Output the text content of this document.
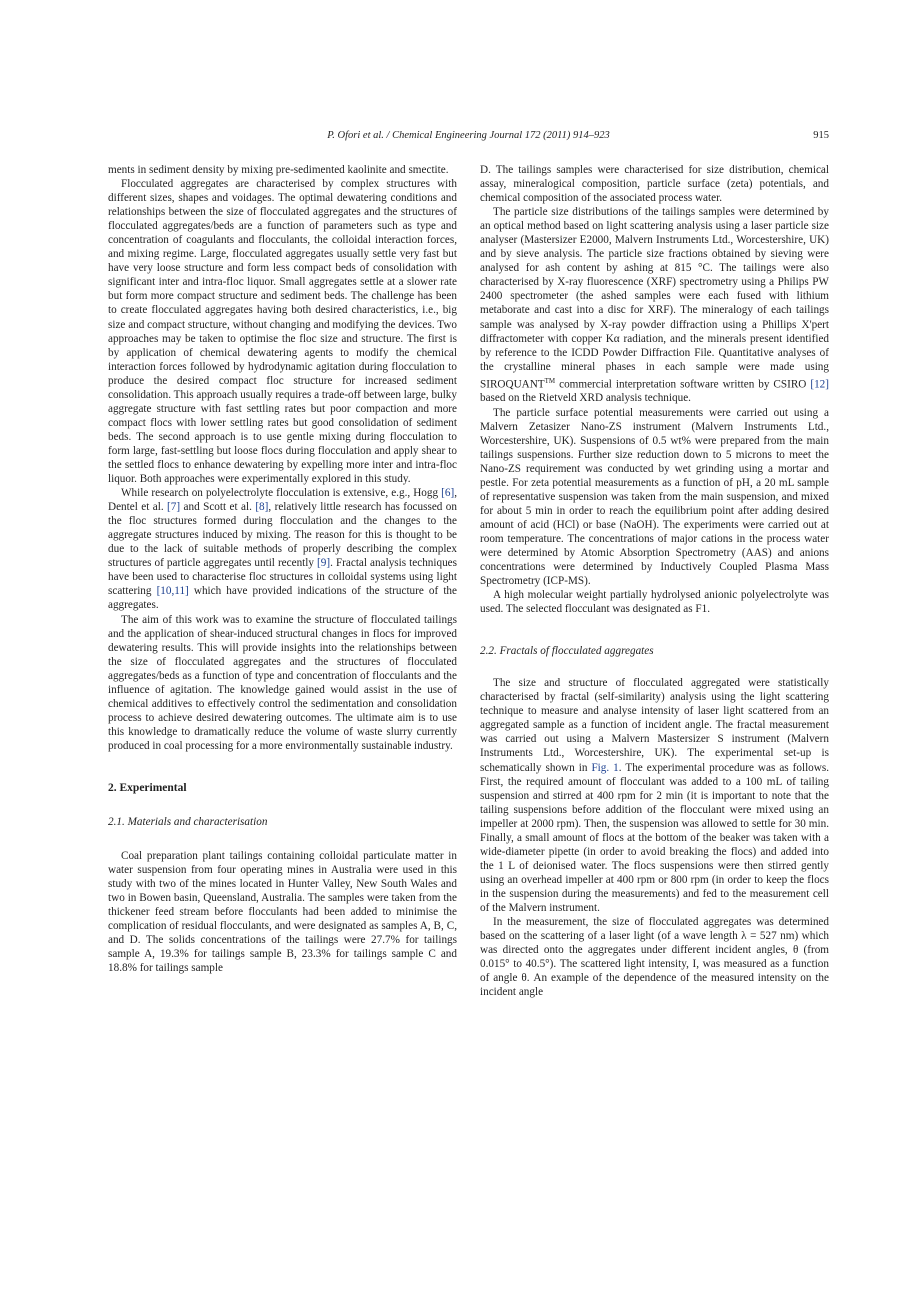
P. Ofori et al. / Chemical Engineering Journal 172 (2011) 914–923	915

ments in sediment density by mixing pre-sedimented kaolinite and smectite.

Flocculated aggregates are characterised by complex structures with different sizes, shapes and voidages. The optimal dewatering conditions and relationships between the size of flocculated aggregates and the structures of flocculated aggregates/beds are a function of parameters such as type and concentration of coagulants and flocculants, the colloidal interaction forces, and mixing regime. Large, flocculated aggregates usually settle very fast but have very loose structure and form less compact beds of consolidation with significant inter and intra-floc liquor. Small aggregates settle at a slower rate but form more compact structure and sediment beds. The challenge has been to create flocculated aggregates having both desired characteristics, i.e., big size and compact structure, without changing and modifying the devices. Two approaches may be taken to optimise the floc size and structure. The first is by application of chemical dewatering agents to modify the chemical interaction forces followed by hydrodynamic agitation during flocculation to produce the desired compact floc structure for increased sediment consolidation. This approach usually requires a trade-off between large, bulky aggregate structure with fast settling rates but poor compaction and more compact flocs with lower settling rates but good consolidation of sediment beds. The second approach is to use gentle mixing during flocculation to form large, fast-settling but loose flocs during flocculation and apply shear to the settled flocs to enhance dewatering by expelling more inter and intra-floc liquor. Both approaches were experimentally explored in this study.

While research on polyelectrolyte flocculation is extensive, e.g., Hogg [6], Dentel et al. [7] and Scott et al. [8], relatively little research has focussed on the floc structures formed during flocculation and the changes to the aggregate structures induced by mixing. The reason for this is thought to be due to the lack of suitable methods of properly describing the complex structures of particle aggregates until recently [9]. Fractal analysis techniques have been used to characterise floc structures in colloidal systems using light scattering [10,11] which have provided indications of the structure of the aggregates.

The aim of this work was to examine the structure of flocculated tailings and the application of shear-induced structural changes in flocs for improved dewatering results. This will provide insights into the relationships between the size of flocculated aggregates and the structures of flocculated aggregates/beds as a function of type and concentration of flocculants and the influence of agitation. The knowledge gained would assist in the use of chemical additives to effectively control the sedimentation and consolidation process to achieve desired dewatering outcomes. The ultimate aim is to use this knowledge to dramatically reduce the volume of waste slurry currently produced in coal processing for a more environmentally sustainable industry.

2. Experimental
2.1. Materials and characterisation

Coal preparation plant tailings containing colloidal particulate matter in water suspension from four operating mines in Australia were used in this study with two of the mines located in Hunter Valley, New South Wales and two in Bowen basin, Queensland, Australia. The samples were taken from the thickener feed stream before flocculants had been added to minimise the complication of residual flocculants, and were designated as samples A, B, C, and D. The solids concentrations of the tailings were 27.7% for tailings sample A, 19.3% for tailings sample B, 23.3% for tailings sample C and 18.8% for tailings sample

D. The tailings samples were characterised for size distribution, chemical assay, mineralogical composition, particle surface (zeta) potentials, and chemical composition of the associated process water.

The particle size distributions of the tailings samples were determined by an optical method based on light scattering analysis using a laser particle size analyser (Mastersizer E2000, Malvern Instruments Ltd., Worcestershire, UK) and by sieve analysis. The particle size fractions obtained by sieving were analysed for ash content by ashing at 815 °C. The tailings were also characterised by X-ray fluorescence (XRF) spectrometry using a Philips PW 2400 spectrometer (the ashed samples were each fused with lithium metaborate and cast into a disc for XRF). The mineralogy of each tailings sample was analysed by X-ray powder diffraction using a Phillips X'pert diffractometer with copper Kα radiation, and the minerals present identified by reference to the ICDD Powder Diffraction File. Quantitative analyses of the crystalline mineral phases in each sample were made using SIROQUANT™ commercial interpretation software written by CSIRO [12] based on the Rietveld XRD analysis technique.

The particle surface potential measurements were carried out using a Malvern Zetasizer Nano-ZS instrument (Malvern Instruments Ltd., Worcestershire, UK). Suspensions of 0.5 wt% were prepared from the main tailings suspensions. Further size reduction down to 5 microns to meet the Nano-ZS requirement was conducted by wet grinding using a mortar and pestle. For zeta potential measurements as a function of pH, a 20 mL sample of representative suspension was taken from the main suspension, and mixed for about 5 min in order to reach the equilibrium point after adding desired amount of acid (HCl) or base (NaOH). The experiments were carried out at room temperature. The concentrations of major cations in the process water were determined by Atomic Absorption Spectrometry (AAS) and anions concentrations were determined by Inductively Coupled Plasma Mass Spectrometry (ICP-MS).

A high molecular weight partially hydrolysed anionic polyelectrolyte was used. The selected flocculant was designated as F1.

2.2. Fractals of flocculated aggregates

The size and structure of flocculated aggregated were statistically characterised by fractal (self-similarity) analysis using the light scattering technique to measure and analyse intensity of laser light scattered from an aggregated sample as a function of incident angle. The fractal measurement was carried out using a Malvern Mastersizer S instrument (Malvern Instruments Ltd., Worcestershire, UK). The experimental set-up is schematically shown in Fig. 1. The experimental procedure was as follows. First, the required amount of flocculant was added to a 100 mL of tailing suspension and stirred at 400 rpm for 2 min (it is important to note that the tailing suspensions before addition of the flocculant were mixed using an impeller at 2000 rpm). Then, the suspension was allowed to settle for 30 min. Finally, a small amount of flocs at the bottom of the beaker was taken with a wide-diameter pipette (in order to avoid breaking the flocs) and added into the 1 L of deionised water. The flocs suspensions were then stirred gently using an overhead impeller at 400 rpm or 800 rpm (in order to keep the flocs in the suspension during the measurements) and fed to the measurement cell of the Malvern instrument.

In the measurement, the size of flocculated aggregates was determined based on the scattering of a laser light (of a wave length λ = 527 nm) which was directed onto the aggregates under different incident angles, θ (from 0.015° to 40.5°). The scattered light intensity, I, was measured as a function of angle θ. An example of the dependence of the measured intensity on the incident angle
